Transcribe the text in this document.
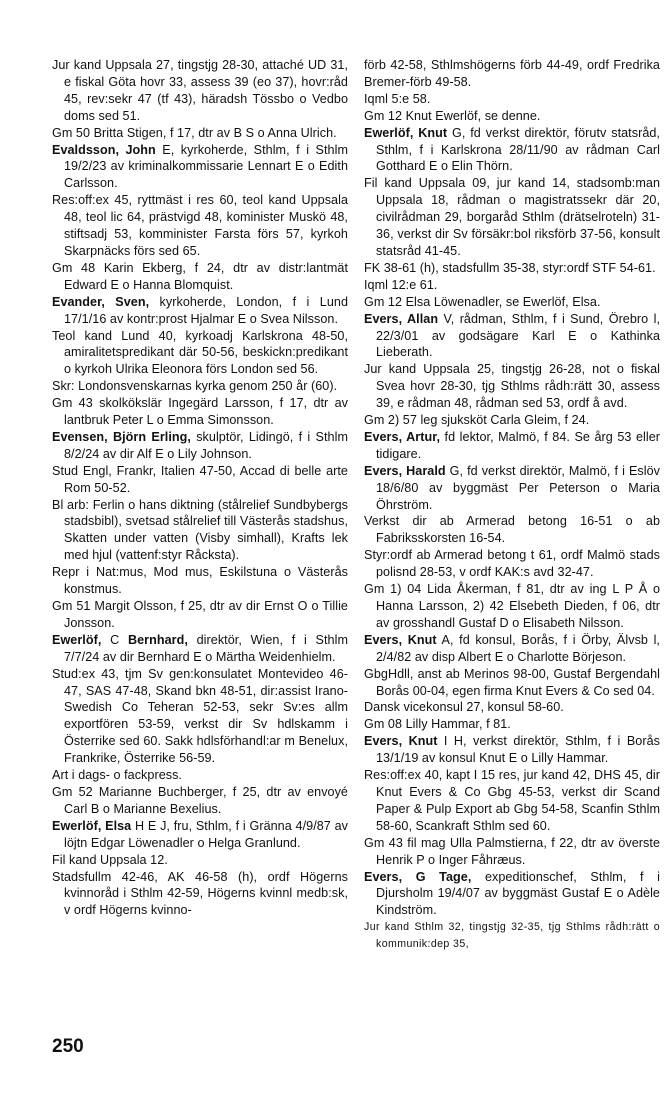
Jur kand Uppsala 27, tingstjg 28-30, attaché UD 31, e fiskal Göta hovr 33, assess 39 (eo 37), hovr:råd 45, rev:sekr 47 (tf 43), häradsh Tössbo o Vedbo doms sed 51.

Gm 50 Britta Stigen, f 17, dtr av B S o Anna Ulrich.

Evaldsson, John E, kyrkoherde, Sthlm, f i Sthlm 19/2/23 av kriminalkommissarie Lennart E o Edith Carlsson.

Res:off:ex 45, ryttmäst i res 60, teol kand Uppsala 48, teol lic 64, prästvigd 48, kominister Muskö 48, stiftsadj 53, komminister Farsta förs 57, kyrkoh Skarpnäcks förs sed 65.

Gm 48 Karin Ekberg, f 24, dtr av distr:lantmät Edward E o Hanna Blomquist.

Evander, Sven, kyrkoherde, London, f i Lund 17/1/16 av kontr:prost Hjalmar E o Svea Nilsson.

Teol kand Lund 40, kyrkoadj Karlskrona 48-50, amiralitetspredikant där 50-56, beskickn:predikant o kyrkoh Ulrika Eleonora förs London sed 56.

Skr: Londonsvenskarnas kyrka genom 250 år (60).

Gm 43 skolkökslär Ingegärd Larsson, f 17, dtr av lantbruk Peter L o Emma Simonsson.

Evensen, Björn Erling, skulptör, Lidingö, f i Sthlm 8/2/24 av dir Alf E o Lily Johnson.

Stud Engl, Frankr, Italien 47-50, Accad di belle arte Rom 50-52.

Bl arb: Ferlin o hans diktning (stålrelief Sundbybergs stadsbibl), svetsad stålrelief till Västerås stadshus, Skatten under vatten (Visby simhall), Krafts lek med hjul (vattenf:styr Råcksta).

Repr i Nat:mus, Mod mus, Eskilstuna o Västerås konstmus.

Gm 51 Margit Olsson, f 25, dtr av dir Ernst O o Tillie Jonsson.

Ewerlöf, C Bernhard, direktör, Wien, f i Sthlm 7/7/24 av dir Bernhard E o Märtha Weidenhielm.

Stud:ex 43, tjm Sv gen:konsulatet Montevideo 46-47, SAS 47-48, Skand bkn 48-51, dir:assist Irano-Swedish Co Teheran 52-53, sekr Sv:es allm exportfören 53-59, verkst dir Sv hdlskamm i Österrike sed 60. Sakk hdlsförhandl:ar m Benelux, Frankrike, Österrike 56-59.

Art i dags- o fackpress.

Gm 52 Marianne Buchberger, f 25, dtr av envoyé Carl B o Marianne Bexelius.

Ewerlöf, Elsa H E J, fru, Sthlm, f i Gränna 4/9/87 av löjtn Edgar Löwenadler o Helga Granlund.

Fil kand Uppsala 12.

Stadsfullm 42-46, AK 46-58 (h), ordf Högerns kvinnoråd i Sthlm 42-59, Högerns kvinnl medb:sk, v ordf Högerns kvinno-

förb 42-58, Sthlmshögerns förb 44-49, ordf Fredrika Bremer-förb 49-58.

Iqml 5:e 58.

Gm 12 Knut Ewerlöf, se denne.

Ewerlöf, Knut G, fd verkst direktör, förutv statsråd, Sthlm, f i Karlskrona 28/11/90 av rådman Carl Gotthard E o Elin Thörn.

Fil kand Uppsala 09, jur kand 14, stadsomb:man Uppsala 18, rådman o magistratssekr där 20, civilrådman 29, borgaråd Sthlm (drätselroteln) 31-36, verkst dir Sv försäkr:bol riksförb 37-56, konsult statsråd 41-45.

FK 38-61 (h), stadsfullm 35-38, styr:ordf STF 54-61.

Iqml 12:e 61.

Gm 12 Elsa Löwenadler, se Ewerlöf, Elsa.

Evers, Allan V, rådman, Sthlm, f i Sund, Örebro l, 22/3/01 av godsägare Karl E o Kathinka Lieberath.

Jur kand Uppsala 25, tingstjg 26-28, not o fiskal Svea hovr 28-30, tjg Sthlms rådh:rätt 30, assess 39, e rådman 48, rådman sed 53, ordf å avd.

Gm 2) 57 leg sjuksköt Carla Gleim, f 24.

Evers, Artur, fd lektor, Malmö, f 84. Se årg 53 eller tidigare.

Evers, Harald G, fd verkst direktör, Malmö, f i Eslöv 18/6/80 av byggmäst Per Peterson o Maria Öhrström.

Verkst dir ab Armerad betong 16-51 o ab Fabriksskorsten 16-54.

Styr:ordf ab Armerad betong t 61, ordf Malmö stads polisnd 28-53, v ordf KAK:s avd 32-47.

Gm 1) 04 Lida Åkerman, f 81, dtr av ing L P Å o Hanna Larsson, 2) 42 Elsebeth Dieden, f 06, dtr av grosshandl Gustaf D o Elisabeth Nilsson.

Evers, Knut A, fd konsul, Borås, f i Örby, Älvsb l, 2/4/82 av disp Albert E o Charlotte Börjeson.

GbgHdll, anst ab Merinos 98-00, Gustaf Bergendahl Borås 00-04, egen firma Knut Evers & Co sed 04.

Dansk vicekonsul 27, konsul 58-60.

Gm 08 Lilly Hammar, f 81.

Evers, Knut I H, verkst direktör, Sthlm, f i Borås 13/1/19 av konsul Knut E o Lilly Hammar.

Res:off:ex 40, kapt I 15 res, jur kand 42, DHS 45, dir Knut Evers & Co Gbg 45-53, verkst dir Scand Paper & Pulp Export ab Gbg 54-58, Scanfin Sthlm 58-60, Scankraft Sthlm sed 60.

Gm 43 fil mag Ulla Palmstierna, f 22, dtr av överste Henrik P o Inger Fåhræus.

Evers, G Tage, expeditionschef, Sthlm, f i Djursholm 19/4/07 av byggmäst Gustaf E o Adèle Kindström.

Jur kand Sthlm 32, tingstjg 32-35, tjg Sthlms rådh:rätt o kommunik:dep 35,

250
